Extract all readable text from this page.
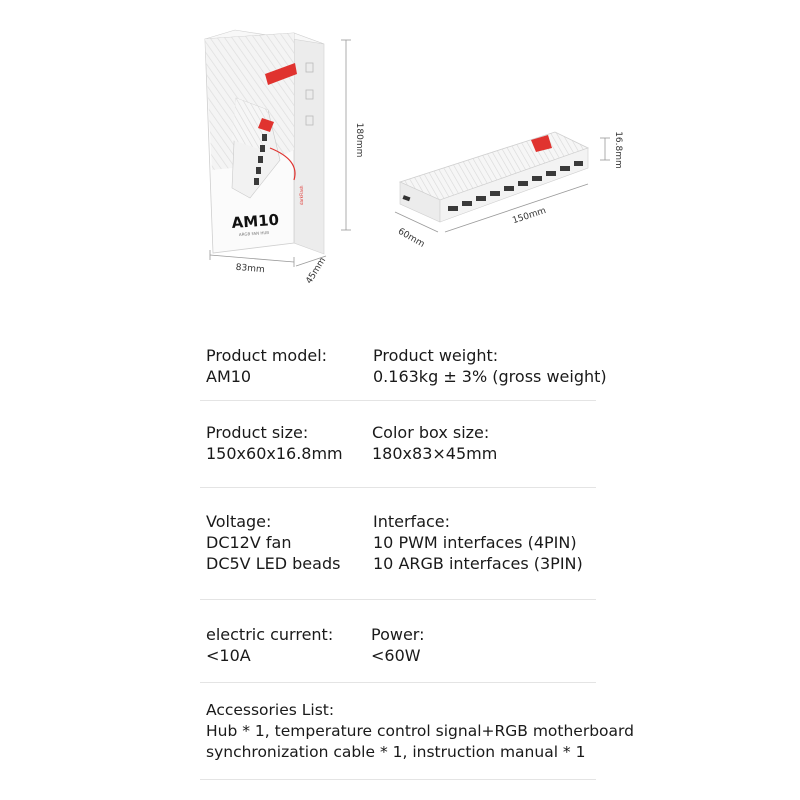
AM10
ARGB FAN HUB
darkFlash
180mm
83mm	45mm
16.8mm
150mm
60mm
Product model:
AM10
Product weight:
0.163kg ± 3% (gross weight)
Product size:
150x60x16.8mm
Color box size:
180x83×45mm
Voltage:
DC12V fan
DC5V LED beads
Interface:
10 PWM interfaces (4PIN)
10 ARGB interfaces (3PIN)
electric current:
<10A
Power:
<60W
Accessories List:
Hub * 1, temperature control signal+RGB motherboard
synchronization cable * 1, instruction manual * 1
